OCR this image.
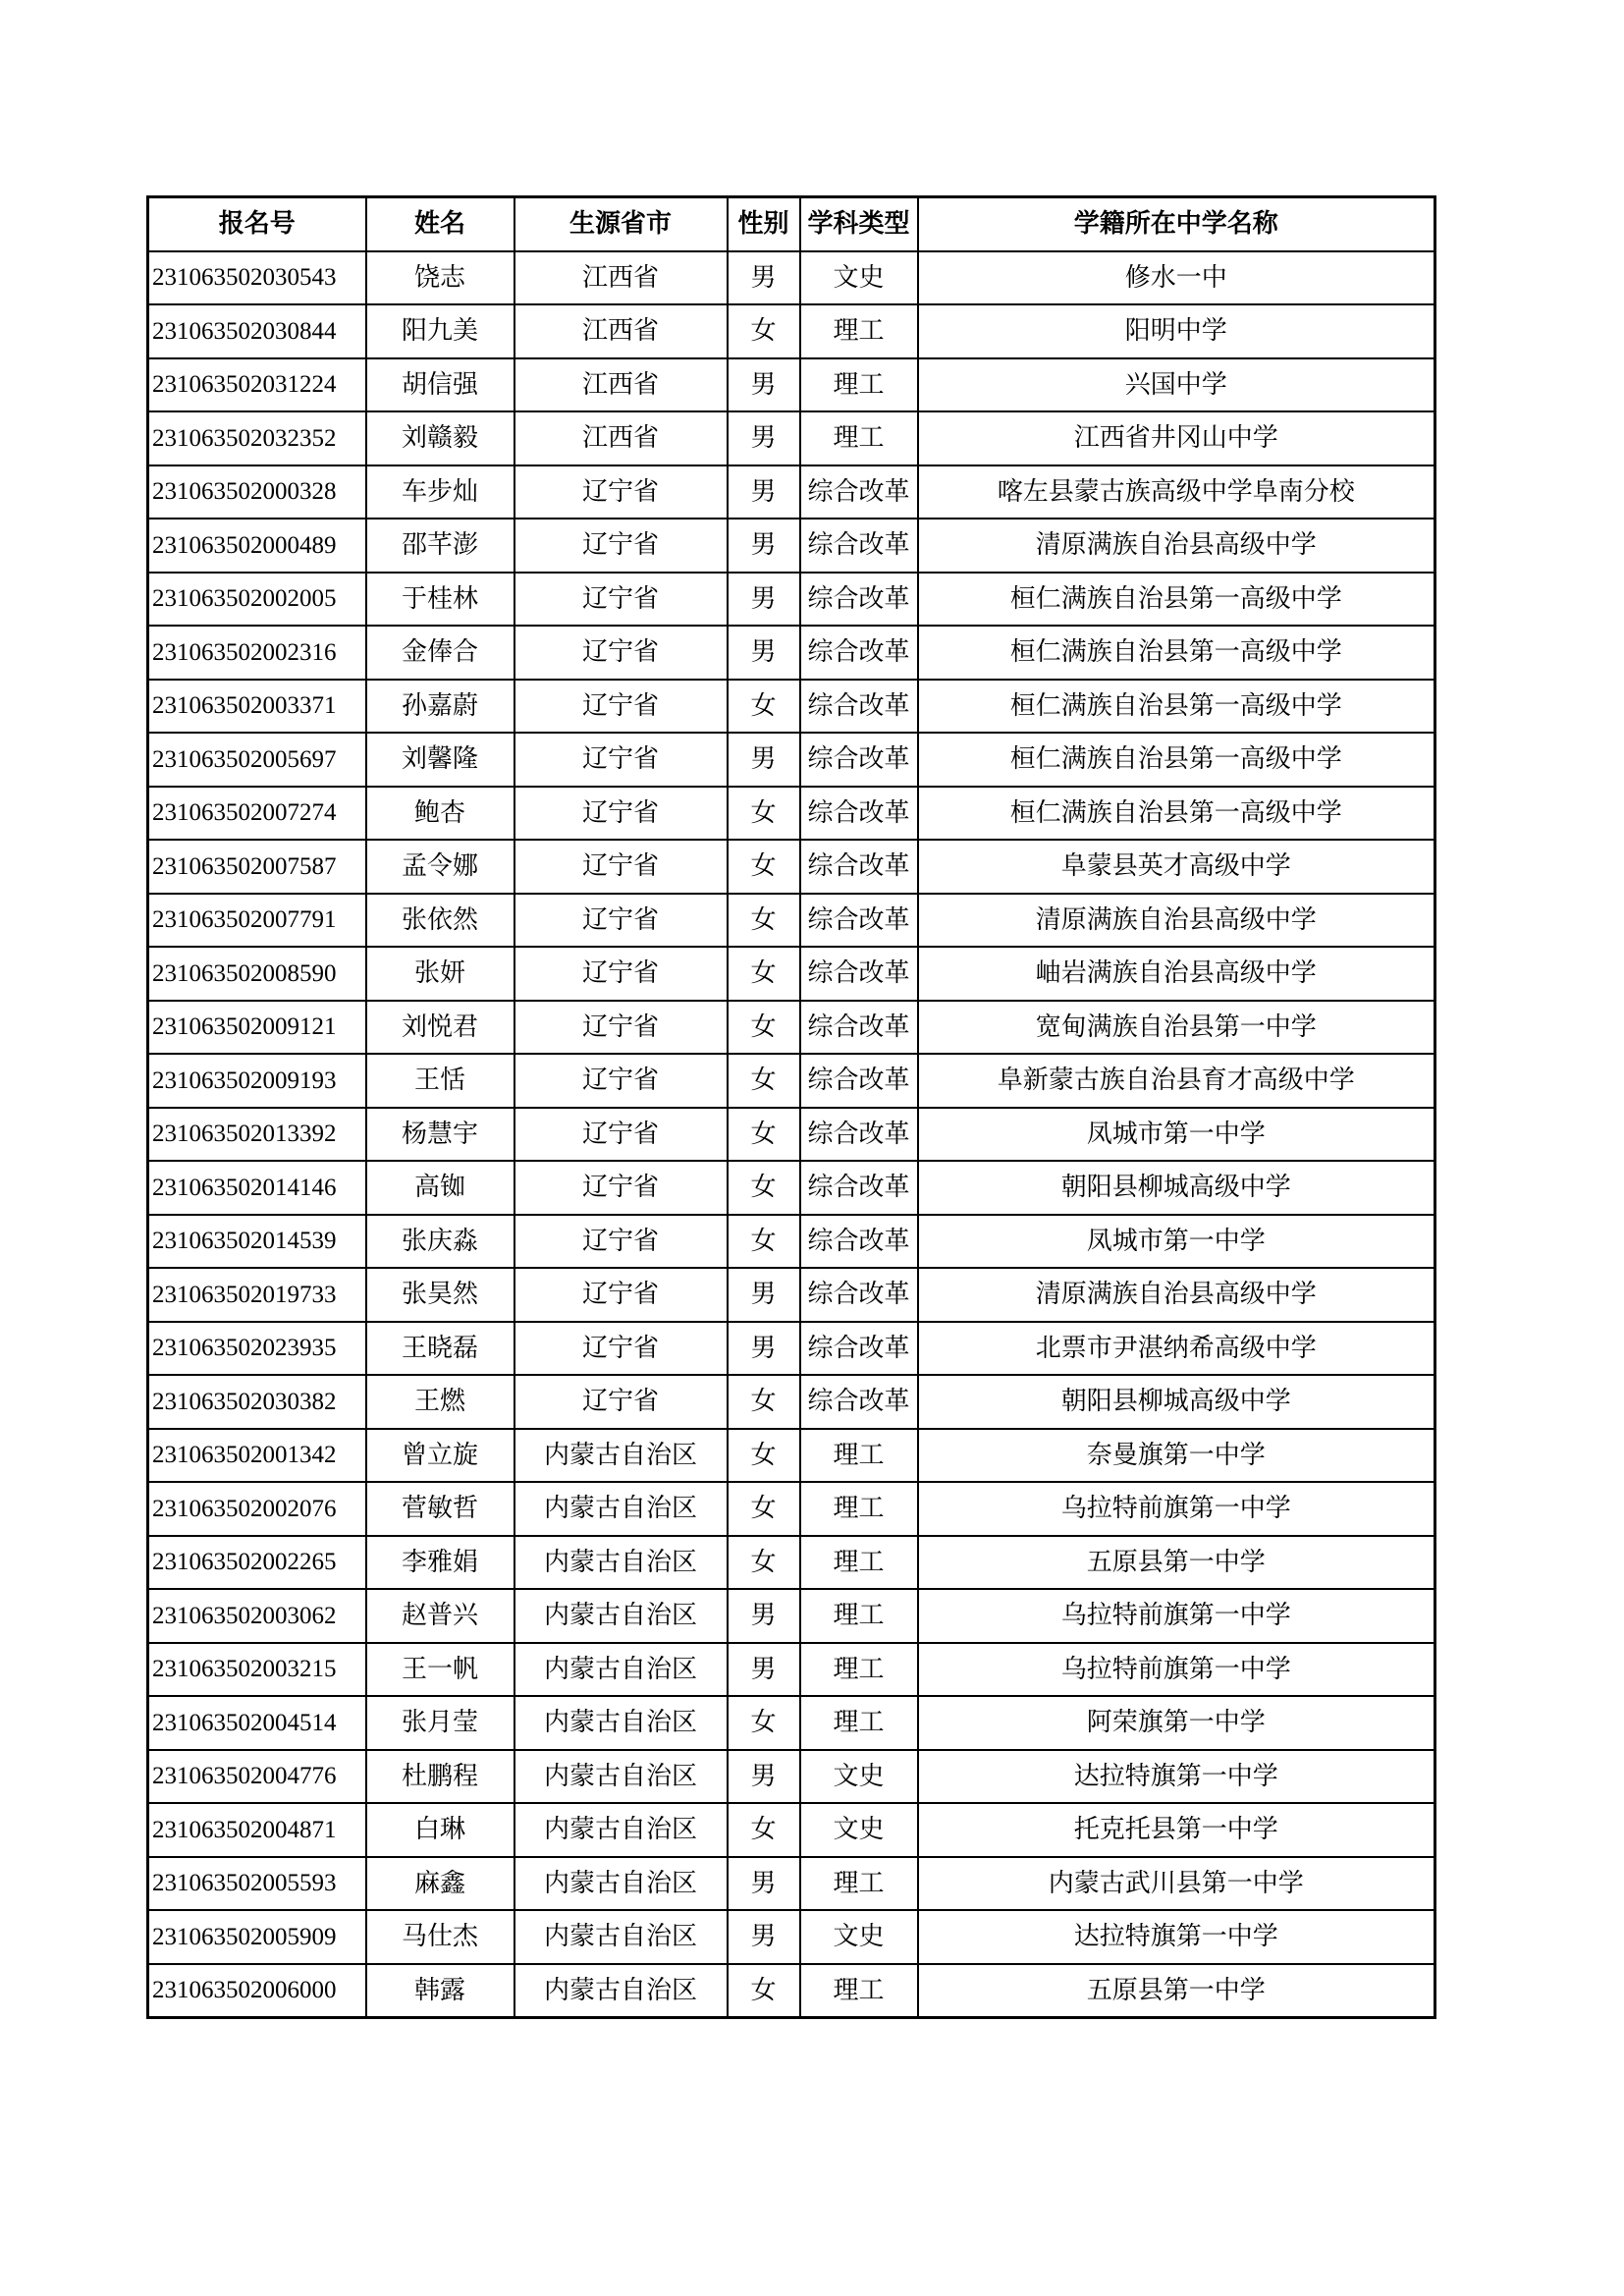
报名号	姓名	生源省市	性别	学科类型	学籍所在中学名称
231063502030543	饶志	江西省	男	文史	修水一中
231063502030844	阳九美	江西省	女	理工	阳明中学
231063502031224	胡信强	江西省	男	理工	兴国中学
231063502032352	刘赣毅	江西省	男	理工	江西省井冈山中学
231063502000328	车步灿	辽宁省	男	综合改革	喀左县蒙古族高级中学阜南分校
231063502000489	邵芊澎	辽宁省	男	综合改革	清原满族自治县高级中学
231063502002005	于桂林	辽宁省	男	综合改革	桓仁满族自治县第一高级中学
231063502002316	金俸合	辽宁省	男	综合改革	桓仁满族自治县第一高级中学
231063502003371	孙嘉蔚	辽宁省	女	综合改革	桓仁满族自治县第一高级中学
231063502005697	刘馨隆	辽宁省	男	综合改革	桓仁满族自治县第一高级中学
231063502007274	鲍杏	辽宁省	女	综合改革	桓仁满族自治县第一高级中学
231063502007587	孟令娜	辽宁省	女	综合改革	阜蒙县英才高级中学
231063502007791	张依然	辽宁省	女	综合改革	清原满族自治县高级中学
231063502008590	张妍	辽宁省	女	综合改革	岫岩满族自治县高级中学
231063502009121	刘悦君	辽宁省	女	综合改革	宽甸满族自治县第一中学
231063502009193	王恬	辽宁省	女	综合改革	阜新蒙古族自治县育才高级中学
231063502013392	杨慧宇	辽宁省	女	综合改革	凤城市第一中学
231063502014146	高铷	辽宁省	女	综合改革	朝阳县柳城高级中学
231063502014539	张庆淼	辽宁省	女	综合改革	凤城市第一中学
231063502019733	张昊然	辽宁省	男	综合改革	清原满族自治县高级中学
231063502023935	王晓磊	辽宁省	男	综合改革	北票市尹湛纳希高级中学
231063502030382	王燃	辽宁省	女	综合改革	朝阳县柳城高级中学
231063502001342	曾立旋	内蒙古自治区	女	理工	奈曼旗第一中学
231063502002076	菅敏哲	内蒙古自治区	女	理工	乌拉特前旗第一中学
231063502002265	李雅娟	内蒙古自治区	女	理工	五原县第一中学
231063502003062	赵普兴	内蒙古自治区	男	理工	乌拉特前旗第一中学
231063502003215	王一帆	内蒙古自治区	男	理工	乌拉特前旗第一中学
231063502004514	张月莹	内蒙古自治区	女	理工	阿荣旗第一中学
231063502004776	杜鹏程	内蒙古自治区	男	文史	达拉特旗第一中学
231063502004871	白琳	内蒙古自治区	女	文史	托克托县第一中学
231063502005593	麻鑫	内蒙古自治区	男	理工	内蒙古武川县第一中学
231063502005909	马仕杰	内蒙古自治区	男	文史	达拉特旗第一中学
231063502006000	韩露	内蒙古自治区	女	理工	五原县第一中学
